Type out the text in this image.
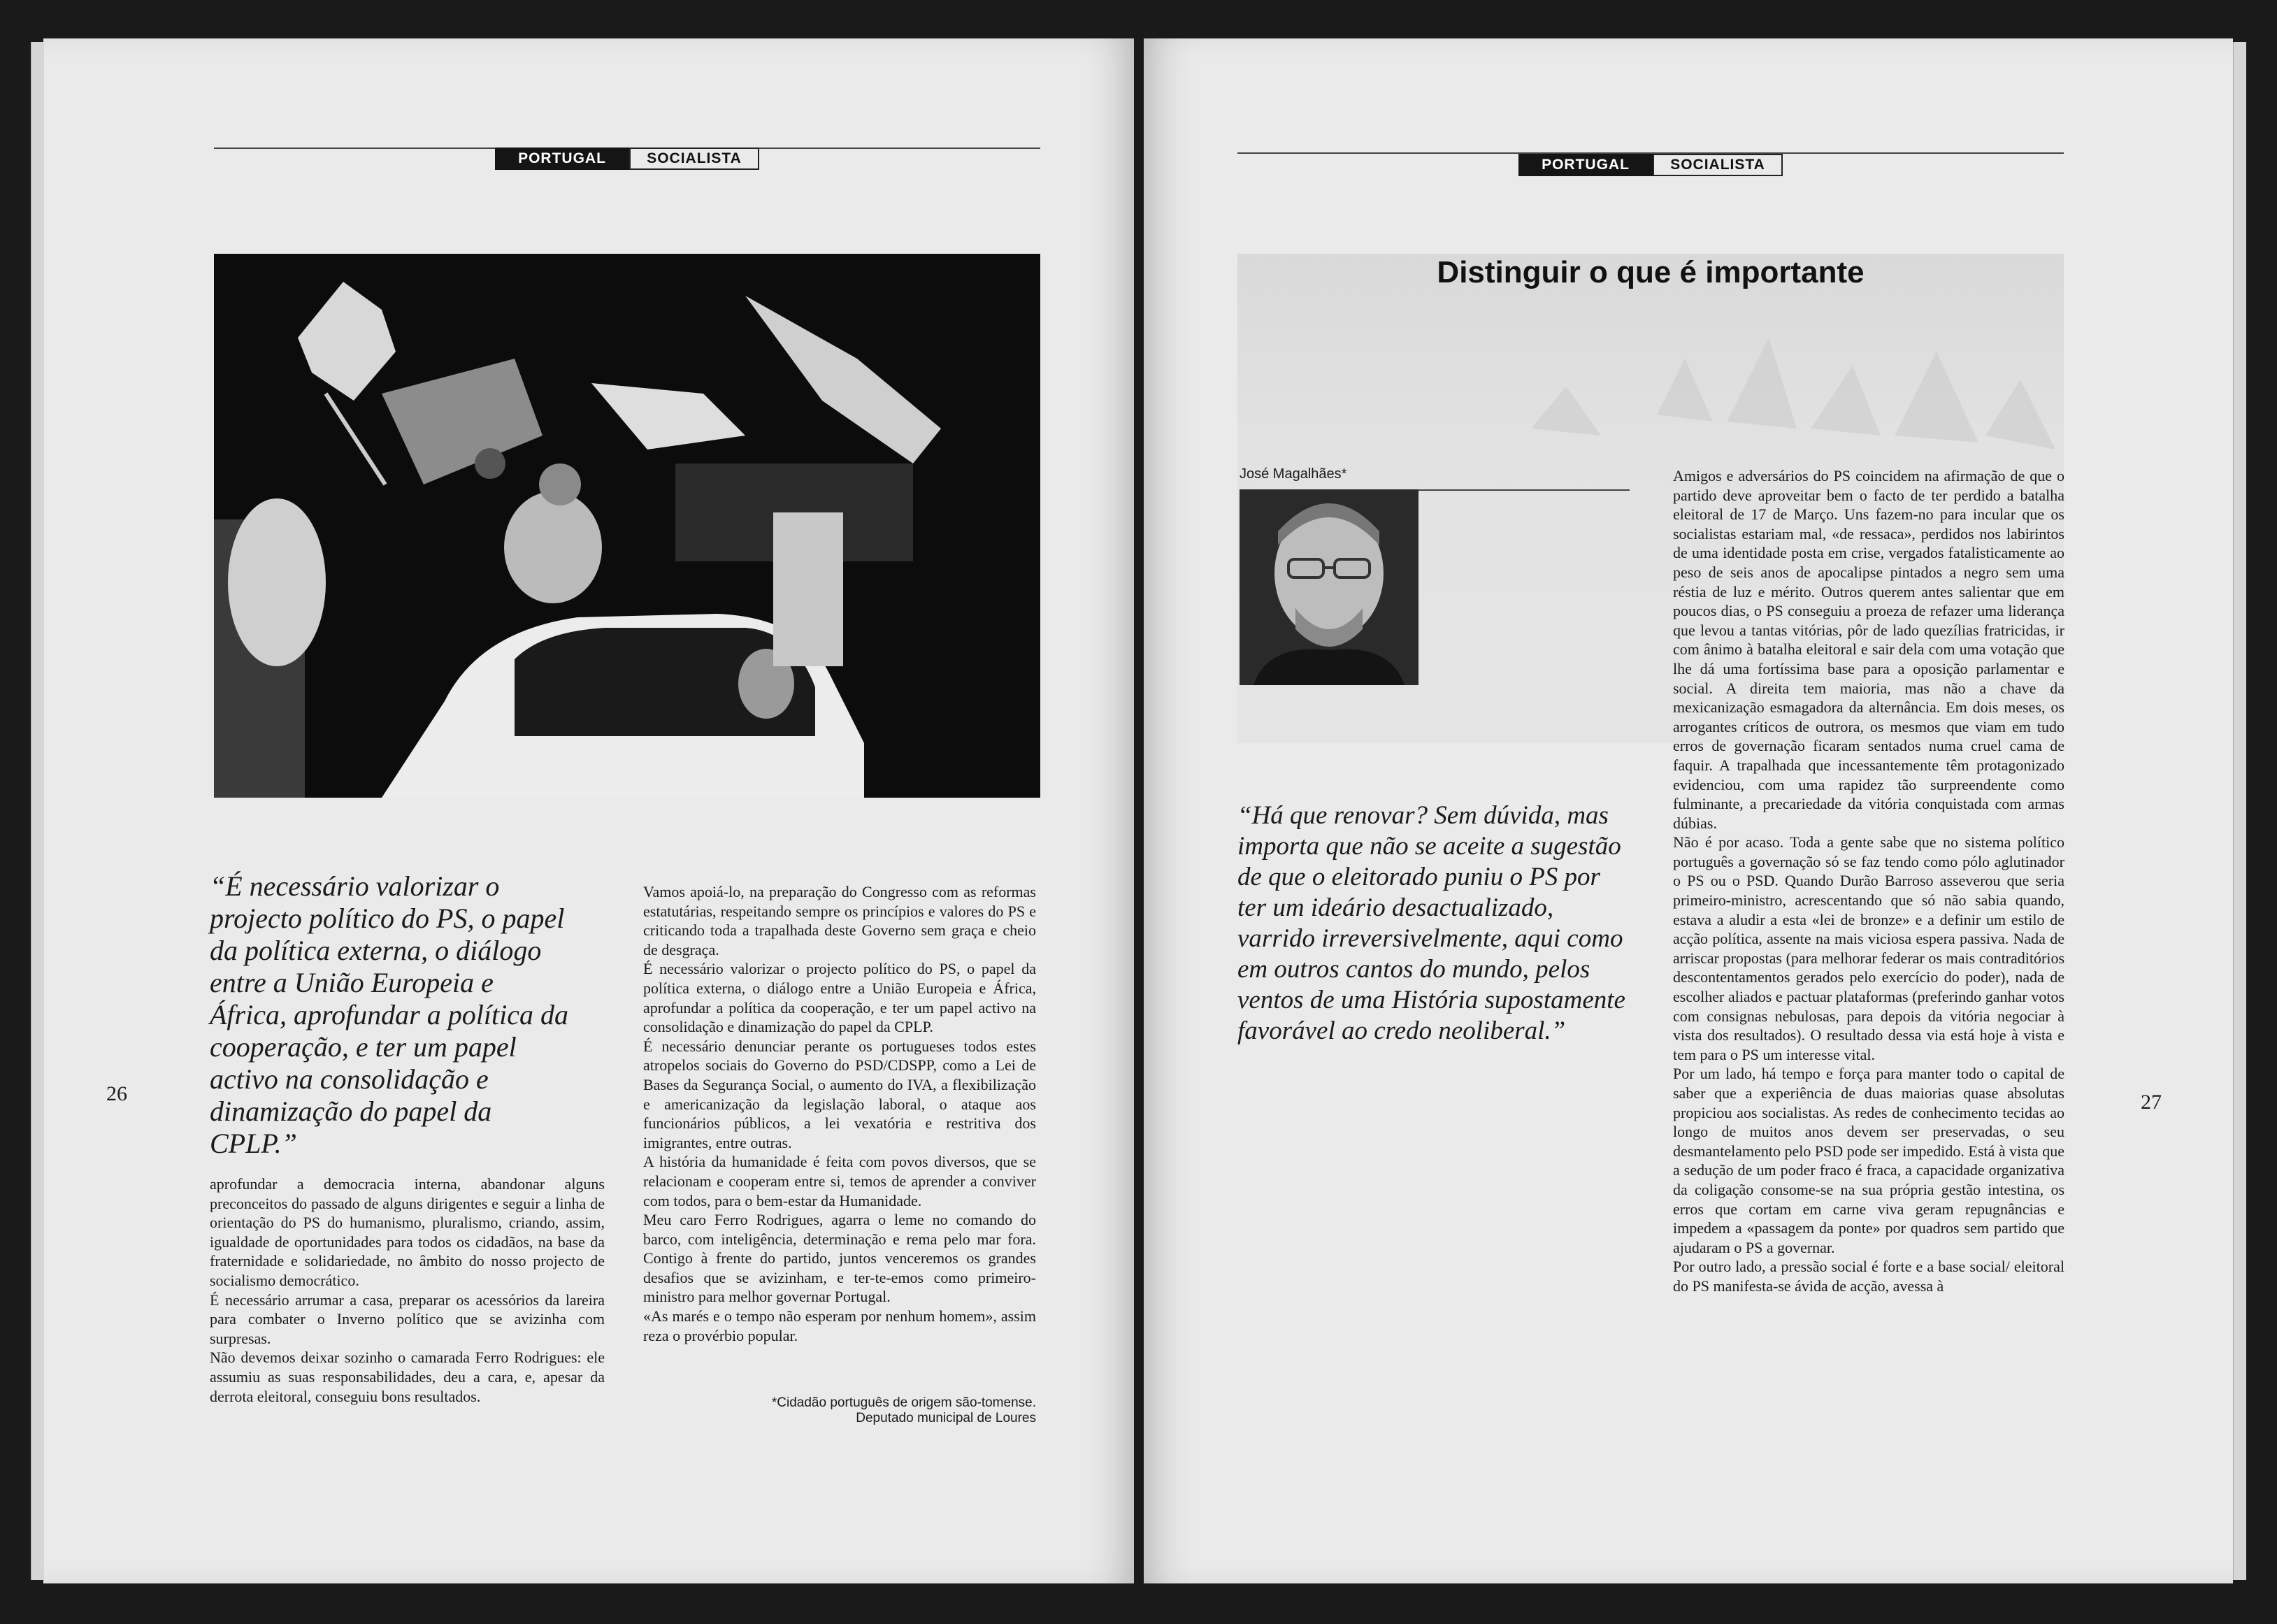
PORTUGAL	SOCIALISTA
“É necessário valorizar o projecto político do PS, o papel da política externa, o diálogo entre a União Europeia e África, aprofundar a política da cooperação, e ter um papel activo na consolidação e dinamização do papel da CPLP.”
26

aprofundar a democracia interna, abandonar alguns preconceitos do passado de alguns dirigentes e seguir a linha de orientação do PS do humanismo, pluralismo, criando, assim, igualdade de oportunidades para todos os cidadãos, na base da fraternidade e solidariedade, no âmbito do nosso projecto de socialismo democrático.

É necessário arrumar a casa, preparar os acessórios da lareira para combater o Inverno político que se avizinha com surpresas.

Não devemos deixar sozinho o camarada Ferro Rodrigues: ele assumiu as suas responsabilidades, deu a cara, e, apesar da derrota eleitoral, conseguiu bons resultados.

Vamos apoiá-lo, na preparação do Congresso com as reformas estatutárias, respeitando sempre os princípios e valores do PS e criticando toda a trapalhada deste Governo sem graça e cheio de desgraça.

É necessário valorizar o projecto político do PS, o papel da política externa, o diálogo entre a União Europeia e África, aprofundar a política da cooperação, e ter um papel activo na consolidação e dinamização do papel da CPLP.

É necessário denunciar perante os portugueses todos estes atropelos sociais do Governo do PSD/CDSPP, como a Lei de Bases da Segurança Social, o aumento do IVA, a flexibilização e americanização da legislação laboral, o ataque aos funcionários públicos, a lei vexatória e restritiva dos imigrantes, entre outras.

A história da humanidade é feita com povos diversos, que se relacionam e cooperam entre si, temos de aprender a conviver com todos, para o bem-estar da Humanidade.

Meu caro Ferro Rodrigues, agarra o leme no comando do barco, com inteligência, determinação e rema pelo mar fora. Contigo à frente do partido, juntos venceremos os grandes desafios que se avizinham, e ter-te-emos como primeiro-ministro para melhor governar Portugal.

«As marés e o tempo não esperam por nenhum homem», assim reza o provérbio popular.

*Cidadão português de origem são-tomense.
Deputado municipal de Loures
PORTUGAL	SOCIALISTA
Distinguir o que é importante
José Magalhães*
“Há que renovar? Sem dúvida, mas importa que não se aceite a sugestão de que o eleitorado puniu o PS por ter um ideário desactualizado, varrido irreversivelmente, aqui como em outros cantos do mundo, pelos ventos de uma História supostamente favorável ao credo neoliberal.”

Amigos e adversários do PS coincidem na afirmação de que o partido deve aproveitar bem o facto de ter perdido a batalha eleitoral de 17 de Março. Uns fazem-no para incular que os socialistas estariam mal, «de ressaca», perdidos nos labirintos de uma identidade posta em crise, vergados fatalisticamente ao peso de seis anos de apocalipse pintados a negro sem uma réstia de luz e mérito. Outros querem antes salientar que em poucos dias, o PS conseguiu a proeza de refazer uma liderança que levou a tantas vitórias, pôr de lado quezílias fratricidas, ir com ânimo à batalha eleitoral e sair dela com uma votação que lhe dá uma fortíssima base para a oposição parlamentar e social. A direita tem maioria, mas não a chave da mexicanização esmagadora da alternância. Em dois meses, os arrogantes críticos de outrora, os mesmos que viam em tudo erros de governação ficaram sentados numa cruel cama de faquir. A trapalhada que incessantemente têm protagonizado evidenciou, com uma rapidez tão surpreendente como fulminante, a precariedade da vitória conquistada com armas dúbias.

Não é por acaso. Toda a gente sabe que no sistema político português a governação só se faz tendo como pólo aglutinador o PS ou o PSD. Quando Durão Barroso asseverou que seria primeiro-ministro, acrescentando que só não sabia quando, estava a aludir a esta «lei de bronze» e a definir um estilo de acção política, assente na mais viciosa espera passiva. Nada de arriscar propostas (para melhorar federar os mais contraditórios descontentamentos gerados pelo exercício do poder), nada de escolher aliados e pactuar plataformas (preferindo ganhar votos com consignas nebulosas, para depois da vitória negociar à vista dos resultados). O resultado dessa via está hoje à vista e tem para o PS um interesse vital.

Por um lado, há tempo e força para manter todo o capital de saber que a experiência de duas maiorias quase absolutas propiciou aos socialistas. As redes de conhecimento tecidas ao longo de muitos anos devem ser preservadas, o seu desmantelamento pelo PSD pode ser impedido. Está à vista que a sedução de um poder fraco é fraca, a capacidade organizativa da coligação consome-se na sua própria gestão intestina, os erros que cortam em carne viva geram repugnâncias e impedem a «passagem da ponte» por quadros sem partido que ajudaram o PS a governar.

Por outro lado, a pressão social é forte e a base social/ eleitoral do PS manifesta-se ávida de acção, avessa à

27
